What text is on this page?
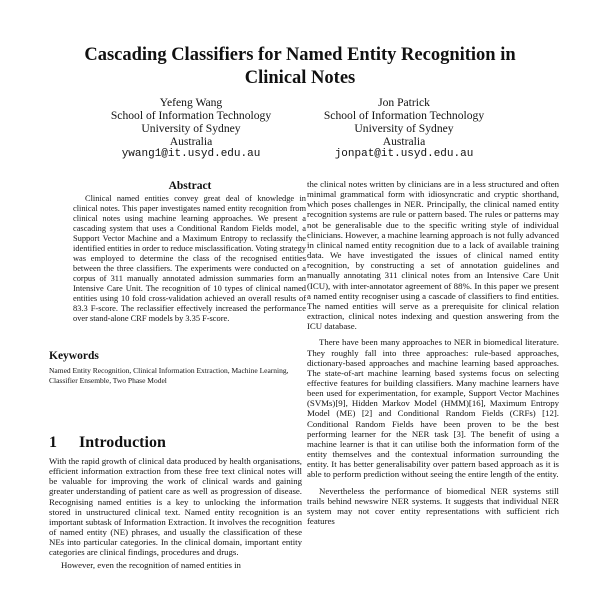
Cascading Classifiers for Named Entity Recognition in Clinical Notes
Yefeng Wang
School of Information Technology
University of Sydney
Australia
ywang1@it.usyd.edu.au
Jon Patrick
School of Information Technology
University of Sydney
Australia
jonpat@it.usyd.edu.au
Abstract

Clinical named entities convey great deal of knowledge in clinical notes. This paper investigates named entity recognition from clinical notes using machine learning approaches. We present a cascading system that uses a Conditional Random Fields model, a Support Vector Machine and a Maximum Entropy to reclassify the identified entities in order to reduce misclassification. Voting strategy was employed to determine the class of the recognised entities between the three classifiers. The experiments were conducted on a corpus of 311 manually annotated admission summaries form an Intensive Care Unit. The recognition of 10 types of clinical named entities using 10 fold cross-validation achieved an overall results of 83.3 F-score. The reclassifier effectively increased the performance over stand-alone CRF models by 3.35 F-score.

Keywords

Named Entity Recognition, Clinical Information Extraction, Machine Learning, Classifier Ensemble, Two Phase Model

1 Introduction

With the rapid growth of clinical data produced by health organisations, efficient information extraction from these free text clinical notes will be valuable for improving the work of clinical wards and gaining greater understanding of patient care as well as progression of disease. Recognising named entities is a key to unlocking the information stored in unstructured clinical text. Named entity recognition is an important subtask of Information Extraction. It involves the recognition of named entity (NE) phrases, and usually the classification of these NEs into particular categories. In the clinical domain, important entity categories are clinical findings, procedures and drugs.

However, even the recognition of named entities in

the clinical notes written by clinicians are in a less structured and often minimal grammatical form with idiosyncratic and cryptic shorthand, which poses challenges in NER. Principally, the clinical named entity recognition systems are rule or pattern based. The rules or patterns may not be generalisable due to the specific writing style of individual clinicians. However, a machine learning approach is not fully advanced in clinical named entity recognition due to a lack of available training data. We have investigated the issues of clinical named entity recognition, by constructing a set of annotation guidelines and manually annotating 311 clinical notes from an Intensive Care Unit (ICU), with inter-annotator agreement of 88%. In this paper we present a named entity recogniser using a cascade of classifiers to find entities. The named entities will serve as a prerequisite for clinical relation extraction, clinical notes indexing and question answering from the ICU database.

There have been many approaches to NER in biomedical literature. They roughly fall into three approaches: rule-based approaches, dictionary-based approaches and machine learning based approaches. The state-of-art machine learning based systems focus on selecting effective features for building classifiers. Many machine learners have been used for experimentation, for example, Support Vector Machines (SVMs)[9], Hidden Markov Model (HMM)[16], Maximum Entropy Model (ME) [2] and Conditional Random Fields (CRFs) [12]. Conditional Random Fields have been proven to be the best performing learner for the NER task [3]. The benefit of using a machine learner is that it can utilise both the information form of the entity themselves and the contextual information surrounding the entity. It has better generalisability over pattern based approach as it is able to perform prediction without seeing the entire length of the entity.

Nevertheless the performance of biomedical NER systems still trails behind newswire NER systems. It suggests that individual NER system may not cover entity representations with sufficient rich features
